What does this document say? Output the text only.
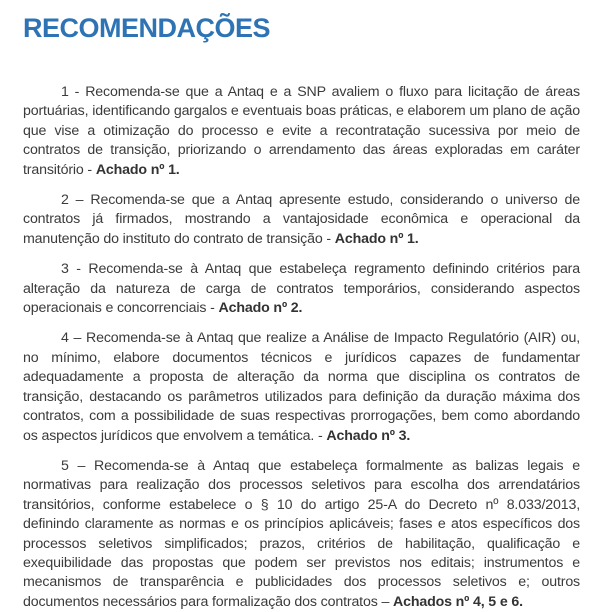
RECOMENDAÇÕES

1 - Recomenda-se que a Antaq e a SNP avaliem o fluxo para licitação de áreas portuárias, identificando gargalos e eventuais boas práticas, e elaborem um plano de ação que vise a otimização do processo e evite a recontratação sucessiva por meio de contratos de transição, priorizando o arrendamento das áreas exploradas em caráter transitório - Achado nº 1.

2 – Recomenda-se que a Antaq apresente estudo, considerando o universo de contratos já firmados, mostrando a vantajosidade econômica e operacional da manutenção do instituto do contrato de transição - Achado nº 1.

3 - Recomenda-se à Antaq que estabeleça regramento definindo critérios para alteração da natureza de carga de contratos temporários, considerando aspectos operacionais e concorrenciais - Achado nº 2.

4 – Recomenda-se à Antaq que realize a Análise de Impacto Regulatório (AIR) ou, no mínimo, elabore documentos técnicos e jurídicos capazes de fundamentar adequadamente a proposta de alteração da norma que disciplina os contratos de transição, destacando os parâmetros utilizados para definição da duração máxima dos contratos, com a possibilidade de suas respectivas prorrogações, bem como abordando os aspectos jurídicos que envolvem a temática. - Achado nº 3.

5 – Recomenda-se à Antaq que estabeleça formalmente as balizas legais e normativas para realização dos processos seletivos para escolha dos arrendatários transitórios, conforme estabelece o § 10 do artigo 25-A do Decreto nº 8.033/2013, definindo claramente as normas e os princípios aplicáveis; fases e atos específicos dos processos seletivos simplificados; prazos, critérios de habilitação, qualificação e exequibilidade das propostas que podem ser previstos nos editais; instrumentos e mecanismos de transparência e publicidades dos processos seletivos e; outros documentos necessários para formalização dos contratos – Achados nº 4, 5 e 6.
